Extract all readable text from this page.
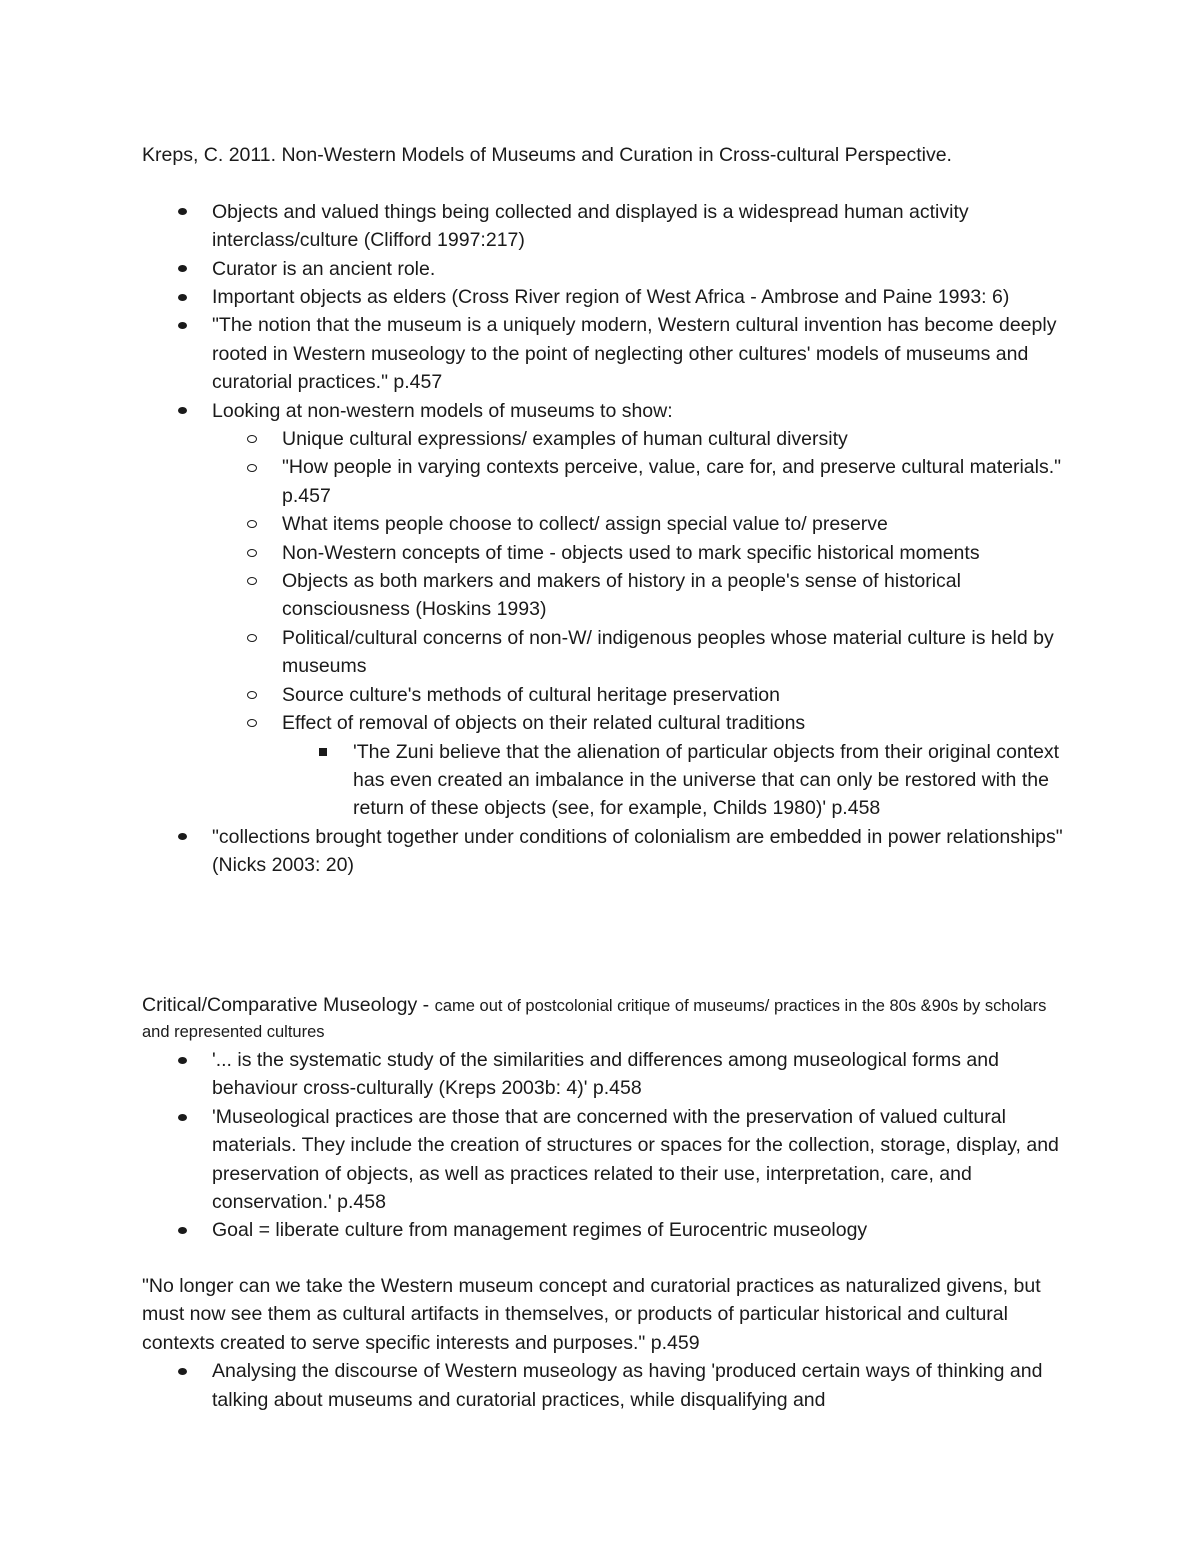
Kreps, C. 2011. Non-Western Models of Museums and Curation in Cross-cultural Perspective.

Objects and valued things being collected and displayed is a widespread human activity interclass/culture (Clifford 1997:217)
Curator is an ancient role.
Important objects as elders (Cross River region of West Africa - Ambrose and Paine 1993: 6)
"The notion that the museum is a uniquely modern, Western cultural invention has become deeply rooted in Western museology to the point of neglecting other cultures' models of museums and curatorial practices." p.457
Looking at non-western models of museums to show:
Unique cultural expressions/ examples of human cultural diversity
"How people in varying contexts perceive, value, care for, and preserve cultural materials." p.457
What items people choose to collect/ assign special value to/ preserve
Non-Western concepts of time - objects used to mark specific historical moments
Objects as both markers and makers of history in a people's sense of historical consciousness (Hoskins 1993)
Political/cultural concerns of non-W/ indigenous peoples whose material culture is held by museums
Source culture's methods of cultural heritage preservation
Effect of removal of objects on their related cultural traditions
'The Zuni believe that the alienation of particular objects from their original context has even created an imbalance in the universe that can only be restored with the return of these objects (see, for example, Childs 1980)' p.458
"collections brought together under conditions of colonialism are embedded in power relationships" (Nicks 2003: 20)

Critical/Comparative Museology - came out of postcolonial critique of museums/ practices in the 80s &90s by scholars and represented cultures

'... is the systematic study of the similarities and differences among museological forms and behaviour cross-culturally (Kreps 2003b: 4)' p.458
'Museological practices are those that are concerned with the preservation of valued cultural materials. They include the creation of structures or spaces for the collection, storage, display, and preservation of objects, as well as practices related to their use, interpretation, care, and conservation.' p.458
Goal = liberate culture from management regimes of Eurocentric museology

"No longer can we take the Western museum concept and curatorial practices as naturalized givens, but must now see them as cultural artifacts in themselves, or products of particular historical and cultural contexts created to serve specific interests and purposes." p.459

Analysing the discourse of Western museology as having 'produced certain ways of thinking and talking about museums and curatorial practices, while disqualifying and
